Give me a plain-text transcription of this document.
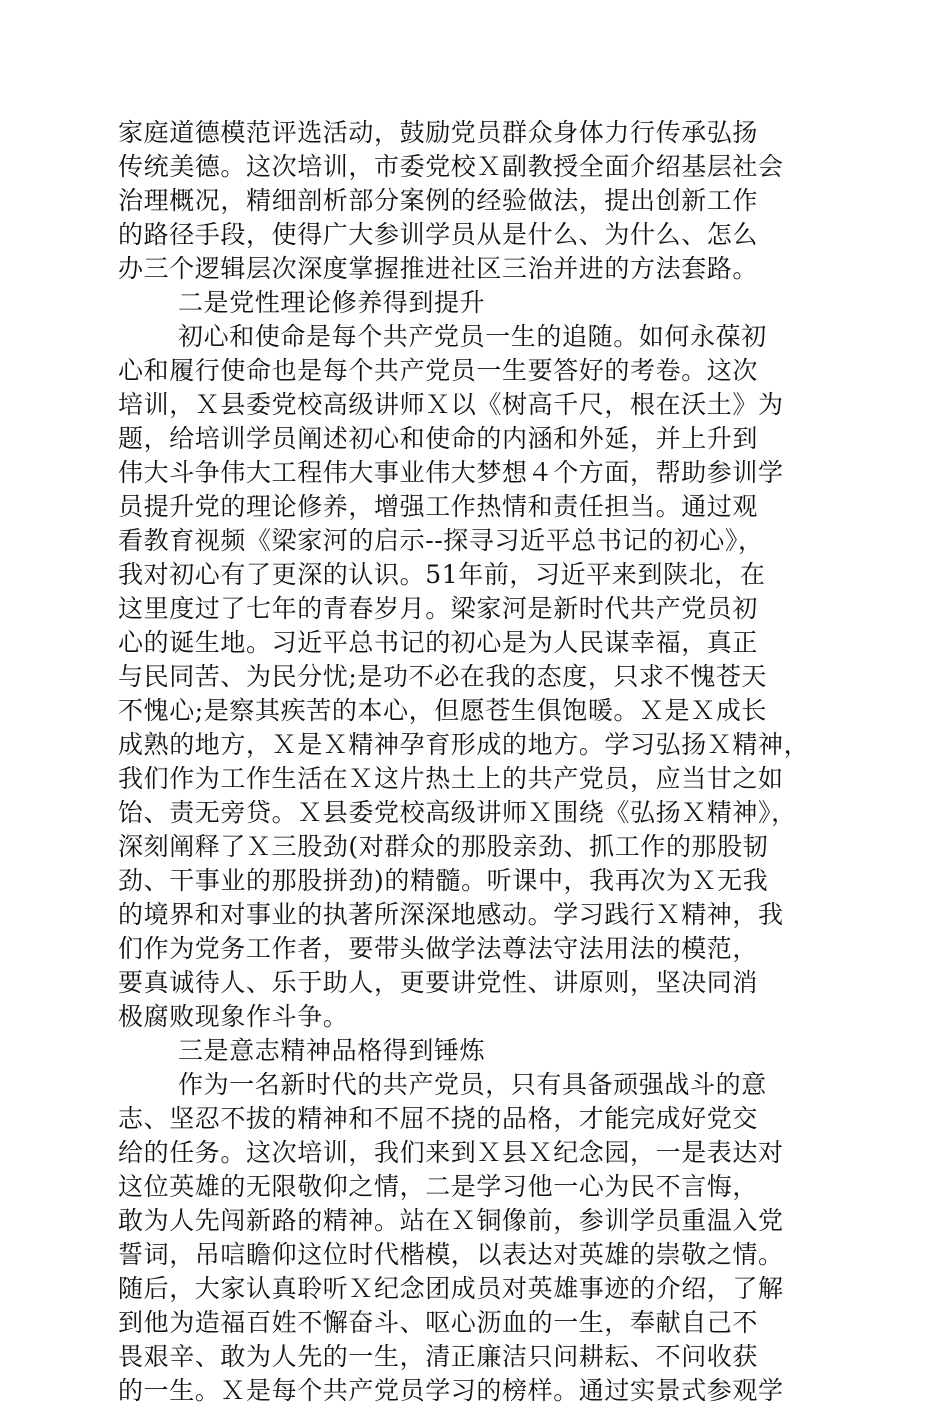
家庭道德模范评选活动，鼓励党员群众身体力行传承弘扬
传统美德。这次培训，市委党校Ｘ副教授全面介绍基层社会
治理概况，精细剖析部分案例的经验做法，提出创新工作
的路径手段，使得广大参训学员从是什么、为什么、怎么
办三个逻辑层次深度掌握推进社区三治并进的方法套路。
二是党性理论修养得到提升
初心和使命是每个共产党员一生的追随。如何永葆初
心和履行使命也是每个共产党员一生要答好的考卷。这次
培训，Ｘ县委党校高级讲师Ｘ以《树高千尺，根在沃土》为
题，给培训学员阐述初心和使命的内涵和外延，并上升到
伟大斗争伟大工程伟大事业伟大梦想４个方面，帮助参训学
员提升党的理论修养，增强工作热情和责任担当。通过观
看教育视频《梁家河的启示--探寻习近平总书记的初心》，
我对初心有了更深的认识。51年前，习近平来到陕北，在
这里度过了七年的青春岁月。梁家河是新时代共产党员初
心的诞生地。习近平总书记的初心是为人民谋幸福，真正
与民同苦、为民分忧;是功不必在我的态度，只求不愧苍天
不愧心;是察其疾苦的本心，但愿苍生俱饱暖。Ｘ是Ｘ成长
成熟的地方，Ｘ是Ｘ精神孕育形成的地方。学习弘扬Ｘ精神，
我们作为工作生活在Ｘ这片热土上的共产党员，应当甘之如
饴、责无旁贷。Ｘ县委党校高级讲师Ｘ围绕《弘扬Ｘ精神》，
深刻阐释了Ｘ三股劲(对群众的那股亲劲、抓工作的那股韧
劲、干事业的那股拼劲)的精髓。听课中，我再次为Ｘ无我
的境界和对事业的执著所深深地感动。学习践行Ｘ精神，我
们作为党务工作者，要带头做学法尊法守法用法的模范，
要真诚待人、乐于助人，更要讲党性、讲原则，坚决同消
极腐败现象作斗争。
三是意志精神品格得到锤炼
作为一名新时代的共产党员，只有具备顽强战斗的意
志、坚忍不拔的精神和不屈不挠的品格，才能完成好党交
给的任务。这次培训，我们来到Ｘ县Ｘ纪念园，一是表达对
这位英雄的无限敬仰之情，二是学习他一心为民不言悔，
敢为人先闯新路的精神。站在Ｘ铜像前，参训学员重温入党
誓词，吊唁瞻仰这位时代楷模，以表达对英雄的崇敬之情。
随后，大家认真聆听Ｘ纪念团成员对英雄事迹的介绍，了解
到他为造福百姓不懈奋斗、呕心沥血的一生，奉献自己不
畏艰辛、敢为人先的一生，清正廉洁只问耕耘、不问收获
的一生。Ｘ是每个共产党员学习的榜样。通过实景式参观学
